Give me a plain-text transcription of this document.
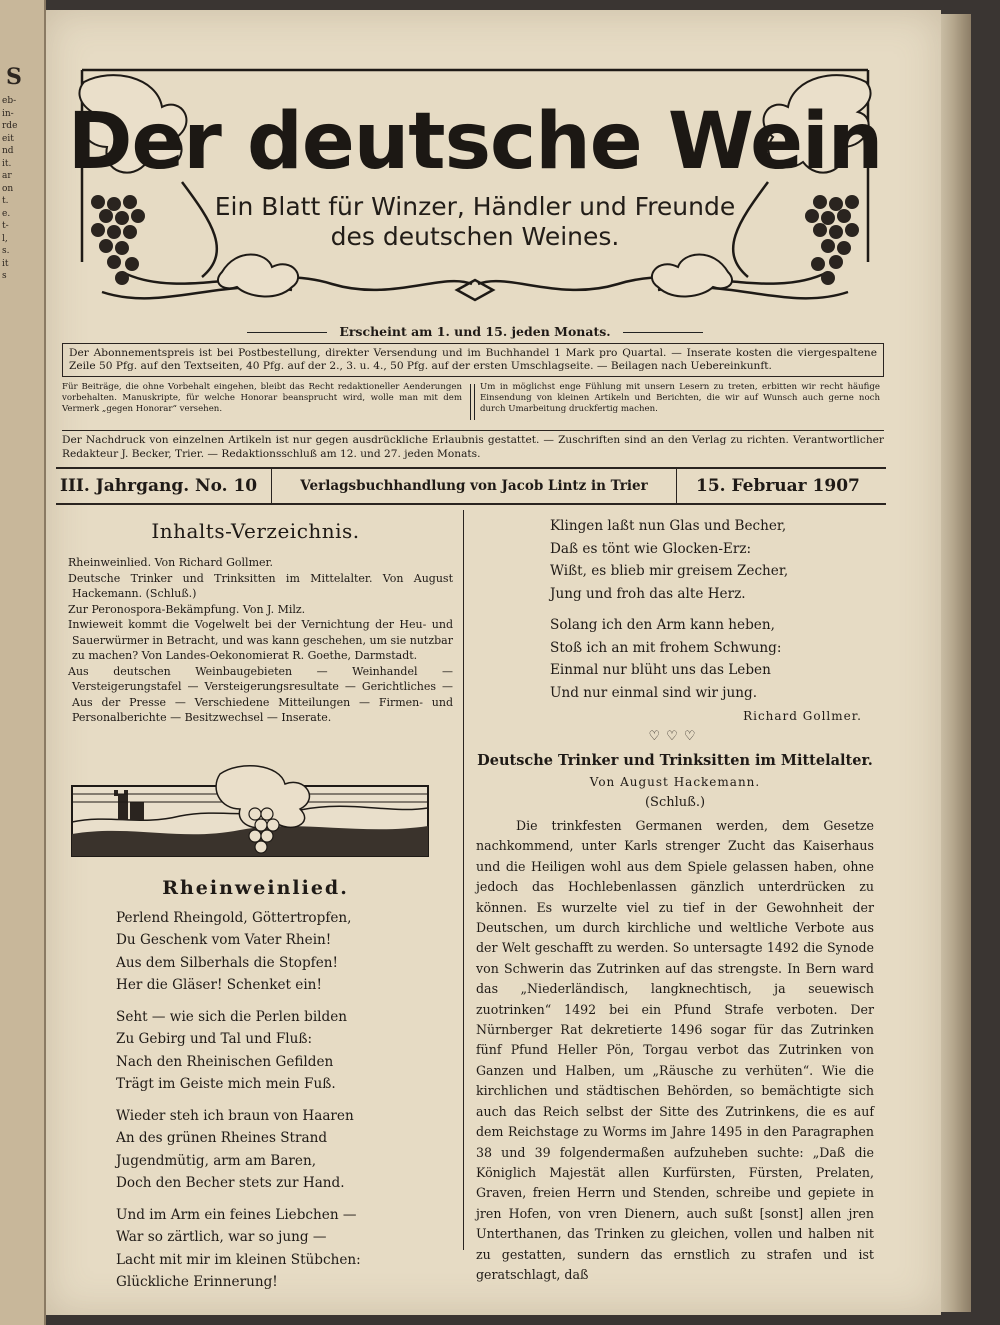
S
eb-
in-
rde
eit
nd
it.
ar
on
t.
e.
t-
l,
s.
it
s
Der deutsche Wein
Ein Blatt für Winzer, Händler und Freunde
des deutschen Weines.
Erscheint am 1. und 15. jeden Monats.
Der Abonnementspreis ist bei Postbestellung, direkter Versendung und im Buchhandel 1 Mark pro Quartal. — Inserate kosten die viergespaltene Zeile 50 Pfg. auf den Textseiten, 40 Pfg. auf der 2., 3. u. 4., 50 Pfg. auf der ersten Umschlagseite. — Beilagen nach Uebereinkunft.
Für Beiträge, die ohne Vorbehalt eingehen, bleibt das Recht redaktioneller Aenderungen vorbehalten. Manuskripte, für welche Honorar beansprucht wird, wolle man mit dem Vermerk „gegen Honorar“ versehen.
Um in möglichst enge Fühlung mit unsern Lesern zu treten, erbitten wir recht häufige Einsendung von kleinen Artikeln und Berichten, die wir auf Wunsch auch gerne noch durch Umarbeitung druckfertig machen.
Der Nachdruck von einzelnen Artikeln ist nur gegen ausdrückliche Erlaubnis gestattet. — Zuschriften sind an den Verlag zu richten. Verantwortlicher Redakteur J. Becker, Trier. — Redaktionsschluß am 12. und 27. jeden Monats.
III. Jahrgang. No. 10	Verlagsbuchhandlung von Jacob Lintz in Trier	15. Februar 1907
Inhalts-Verzeichnis.

Rheinweinlied. Von Richard Gollmer.

Deutsche Trinker und Trinksitten im Mittelalter. Von August Hackemann. (Schluß.)

Zur Peronospora-Bekämpfung. Von J. Milz.

Inwieweit kommt die Vogelwelt bei der Vernichtung der Heu- und Sauerwürmer in Betracht, und was kann geschehen, um sie nutzbar zu machen? Von Landes-Oekonomierat R. Goethe, Darmstadt.

Aus deutschen Weinbaugebieten — Weinhandel — Versteigerungstafel — Versteigerungsresultate — Gerichtliches — Aus der Presse — Verschiedene Mitteilungen — Firmen- und Personalberichte — Besitzwechsel — Inserate.

Rheinweinlied.
Perlend Rheingold, Göttertropfen,
Du Geschenk vom Vater Rhein!
Aus dem Silberhals die Stopfen!
Her die Gläser! Schenket ein!
Seht — wie sich die Perlen bilden
Zu Gebirg und Tal und Fluß:
Nach den Rheinischen Gefilden
Trägt im Geiste mich mein Fuß.
Wieder steh ich braun von Haaren
An des grünen Rheines Strand
Jugendmütig, arm am Baren,
Doch den Becher stets zur Hand.
Und im Arm ein feines Liebchen —
War so zärtlich, war so jung —
Lacht mit mir im kleinen Stübchen:
Glückliche Erinnerung!
Klingen laßt nun Glas und Becher,
Daß es tönt wie Glocken-Erz:
Wißt, es blieb mir greisem Zecher,
Jung und froh das alte Herz.
Solang ich den Arm kann heben,
Stoß ich an mit frohem Schwung:
Einmal nur blüht uns das Leben
Und nur einmal sind wir jung.
Richard Gollmer.
♡♡♡
Deutsche Trinker und Trinksitten im Mittelalter.
Von August Hackemann.
(Schluß.)

Die trinkfesten Germanen werden, dem Gesetze nachkommend, unter Karls strenger Zucht das Kaiserhaus und die Heiligen wohl aus dem Spiele gelassen haben, ohne jedoch das Hochlebenlassen gänzlich unterdrücken zu können. Es wurzelte viel zu tief in der Gewohnheit der Deutschen, um durch kirchliche und weltliche Verbote aus der Welt geschafft zu werden. So untersagte 1492 die Synode von Schwerin das Zutrinken auf das strengste. In Bern ward das „Niederländisch, langknechtisch, ja seuewisch zuotrinken“ 1492 bei ein Pfund Strafe verboten. Der Nürnberger Rat dekretierte 1496 sogar für das Zutrinken fünf Pfund Heller Pön, Torgau verbot das Zutrinken von Ganzen und Halben, um „Räusche zu verhüten“. Wie die kirchlichen und städtischen Behörden, so bemächtigte sich auch das Reich selbst der Sitte des Zutrinkens, die es auf dem Reichstage zu Worms im Jahre 1495 in den Paragraphen 38 und 39 folgendermaßen aufzuheben suchte: „Daß die Königlich Majestät allen Kurfürsten, Fürsten, Prelaten, Graven, freien Herrn und Stenden, schreibe und gepiete in jren Hofen, von vren Dienern, auch sußt [sonst] allen jren Unterthanen, das Trinken zu gleichen, vollen und halben nit zu gestatten, sundern das ernstlich zu strafen und ist geratschlagt, daß
